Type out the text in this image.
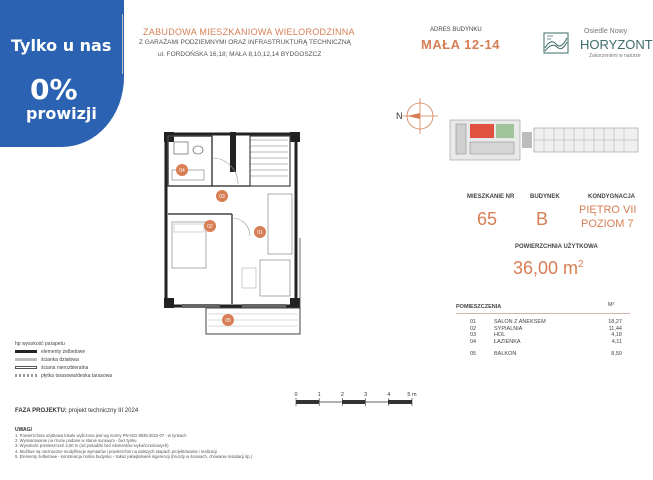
Tylko u nas
0%
prowizji
ZABUDOWA MIESZKANIOWA WIELORODZINNA
Z GARAŻAMI PODZIEMNYMI ORAZ INFRASTRUKTURĄ TECHNICZNĄ
ul. FORDOŃSKA 16,18; MAŁA 8,10,12,14 BYDGOSZCZ
ADRES BUDYNKU
MAŁA 12-14
Osiedle Nowy
HORYZONT
Zakorzenieni w naturze
N
MIESZKANIE NR
65
BUDYNEK
B
KONDYGNACJA
PIĘTRO VII
POZIOM 7
POWIERZCHNIA UŻYTKOWA
36,00 $m^2$
POMIESZCZENIA	M²
01	SALON Z ANEKSEM	18,27
02	SYPIALNIA	11,44
03	HOL	4,18
04	ŁAZIENKA	4,11
05	BALKON	8,50
04
03
02
01
05
hp wysokość parapetu
elementy żelbetowe
ścianka działowa
ściana nierozbieralna
płytka tarasowa/deska tarasowa
FAZA PROJEKTU: projekt techniczny III 2024
0	1	2	3	4	5 m
UWAGI
1. Powierzchnia użytkowa lokalu wyliczona jest wg normy PN-ISO 9836:2022-07 - w tynkach
2. Wymiarowanie na rzucie podane w stanie surowym - bez tynku
3. Wysokość pomieszczeń 2,60 m (od posadzki bez elementów wykończeniowych)
4. Możliwe są nieznaczne modyfikacje wymiarów i powierzchni na dalszych etapach projektowania i realizacji
5. Elementy żelbetowe - konstrukcja nośna budynku - zakaz jakiejkolwiek ingerencji (bruzdy w ścianach, chowanie instalacji itp.)
